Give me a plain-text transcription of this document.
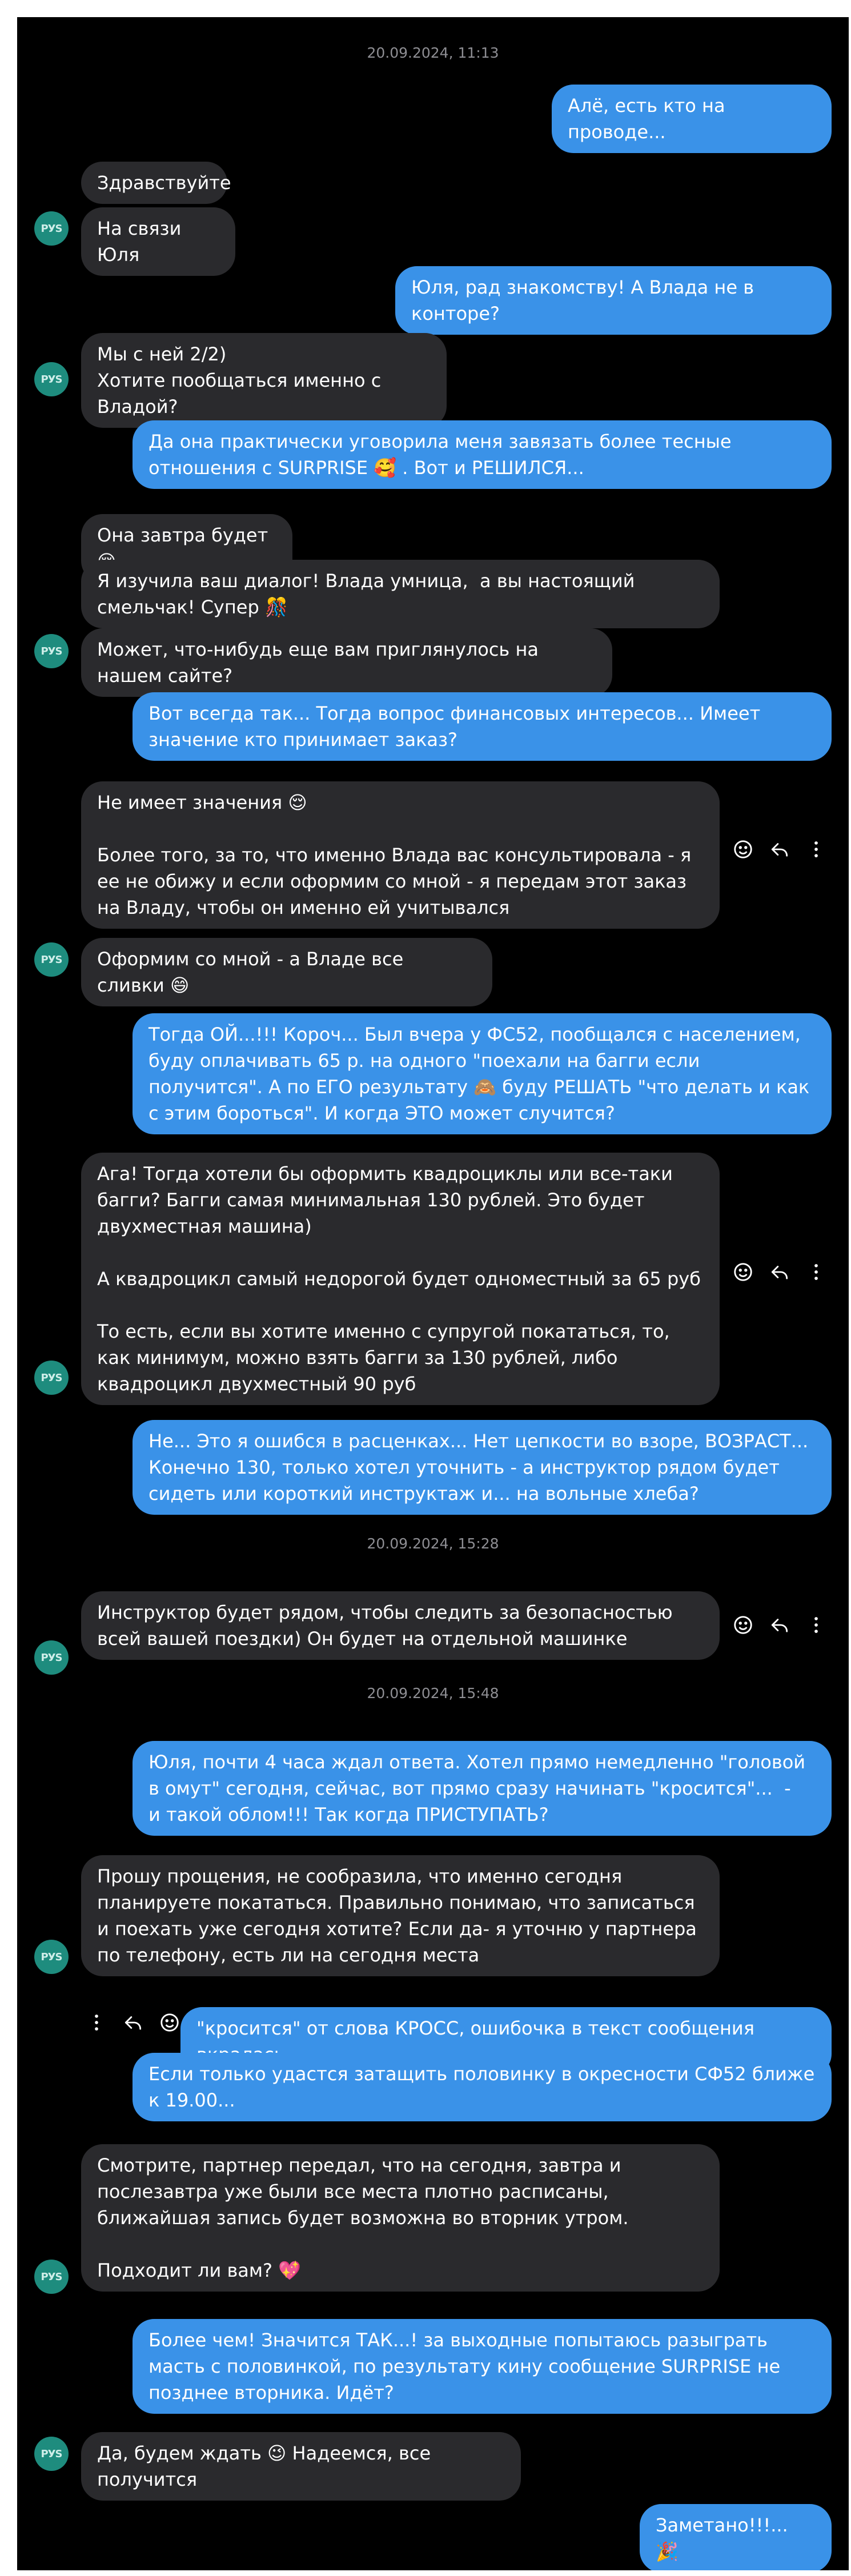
20.09.2024, 11:13
Алё, есть кто на проводе...
Здравствуйте
На связи Юля
РУS
Юля, рад знакомству! А Влада не в конторе?
Мы с ней 2/2)
Хотите пообщаться именно с Владой?
РУS
Да она практически уговорила меня завязать более тесные отношения с SURPRISE 🥰 . Вот и РЕШИЛСЯ...
Она завтра будет
Я изучила ваш диалог! Влада умница,  а вы настоящий смельчак! Супер 🎊
Может, что-нибудь еще вам приглянулось на нашем сайте?
РУS
Вот всегда так... Тогда вопрос финансовых интересов... Имеет значение кто принимает заказ?
Не имеет значения 😌

Более того, за то, что именно Влада вас консультировала - я ее не обижу и если оформим со мной - я передам этот заказ на Владу, чтобы он именно ей учитывался
Оформим со мной - а Владе все сливки 😄
РУS
Тогда ОЙ...!!! Короч... Был вчера у ФС52, пообщался с населением, буду оплачивать 65 р. на одного "поехали на багги если получится". А по ЕГО результату 🙈 буду РЕШАТЬ "что делать и как с этим бороться". И когда ЭТО может случится?
Ага! Тогда хотели бы оформить квадроциклы или все-таки багги? Багги самая минимальная 130 рублей. Это будет двухместная машина)

А квадроцикл самый недорогой будет одноместный за 65 руб

То есть, если вы хотите именно с супругой покататься, то, как минимум, можно взять багги за 130 рублей, либо квадроцикл двухместный 90 руб
РУS
Не... Это я ошибся в расценках... Нет цепкости во взоре, ВОЗРАСТ... Конечно 130, только хотел уточнить - а инструктор рядом будет сидеть или короткий инструктаж и... на вольные хлеба?
20.09.2024, 15:28
Инструктор будет рядом, чтобы следить за безопасностью всей вашей поездки) Он будет на отдельной машинке
РУS
20.09.2024, 15:48
Юля, почти 4 часа ждал ответа. Хотел прямо немедленно "головой в омут" сегодня, сейчас, вот прямо сразу начинать "кросится"...  -   и такой облом!!! Так когда ПРИСТУПАТЬ?
Прошу прощения, не сообразила, что именно сегодня планируете покататься. Правильно понимаю, что записаться и поехать уже сегодня хотите? Если да- я уточню у партнера по телефону, есть ли на сегодня места
РУS
"кросится" от слова КРОСС, ошибочка в текст сообщения
Если только удастся затащить половинку в окресности СФ52 ближе к 19.00...
Смотрите, партнер передал, что на сегодня, завтра и послезавтра уже были все места плотно расписаны, ближайшая запись будет возможна во вторник утром.

Подходит ли вам? 💖
РУS
Более чем! Значится ТАК...! за выходные попытаюсь разыграть  масть с половинкой, по результату кину сообщение SURPRISE не позднее вторника. Идёт?
Да, будем ждать 😉 Надеемся, все получится
РУS
Заметано!!!... 🎉
